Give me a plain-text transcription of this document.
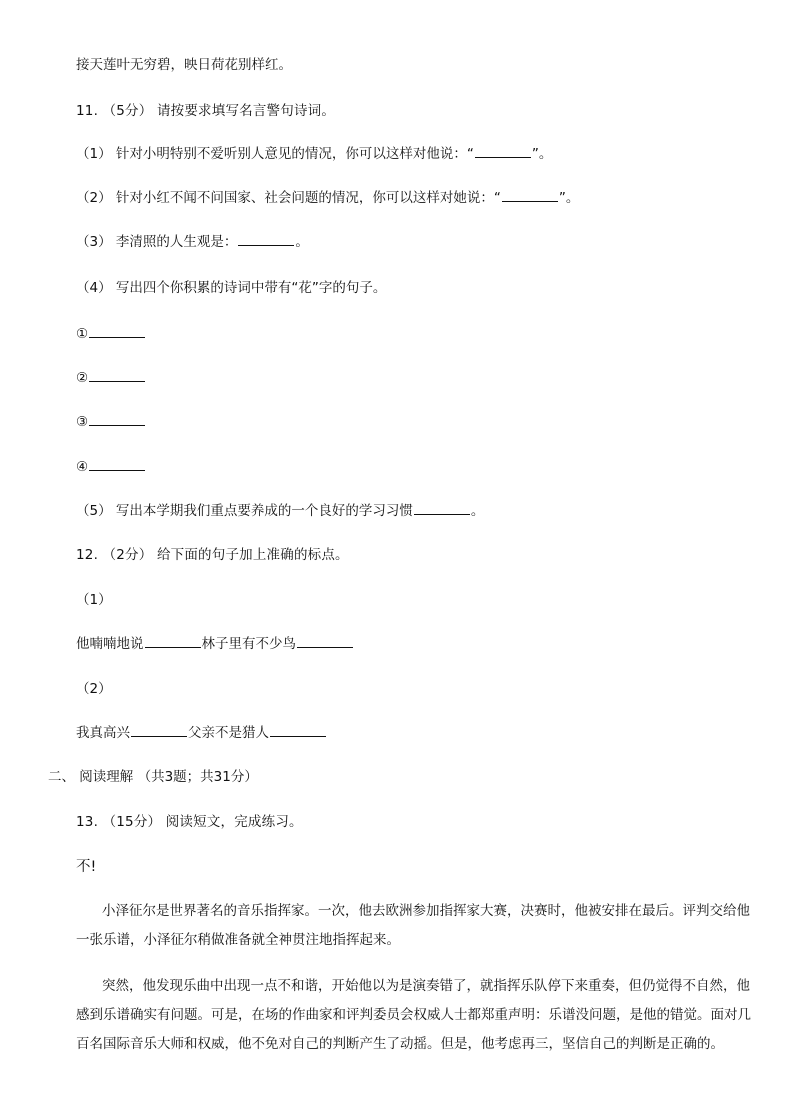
接天莲叶无穷碧，映日荷花别样红。
11. （5分） 请按要求填写名言警句诗词。
（1） 针对小明特别不爱听别人意见的情况，你可以这样对他说：“	”。
（2） 针对小红不闻不问国家、社会问题的情况，你可以这样对她说：“	”。
（3） 李清照的人生观是：	。
（4） 写出四个你积累的诗词中带有“花”字的句子。
①
②
③
④
（5） 写出本学期我们重点要养成的一个良好的学习习惯	。
12. （2分） 给下面的句子加上准确的标点。
（1）
他喃喃地说	林子里有不少鸟
（2）
我真高兴	父亲不是猎人
二、 阅读理解 （共3题；共31分）
13. （15分） 阅读短文，完成练习。
不!
小泽征尔是世界著名的音乐指挥家。一次，他去欧洲参加指挥家大赛，决赛时，他被安排在最后。评判交给他一张乐谱，小泽征尔稍做准备就全神贯注地指挥起来。
突然，他发现乐曲中出现一点不和谐，开始他以为是演奏错了，就指挥乐队停下来重奏，但仍觉得不自然，他感到乐谱确实有问题。可是，在场的作曲家和评判委员会权威人士都郑重声明：乐谱没问题，是他的错觉。面对几百名国际音乐大师和权威，他不免对自己的判断产生了动摇。但是，他考虑再三，坚信自己的判断是正确的。
